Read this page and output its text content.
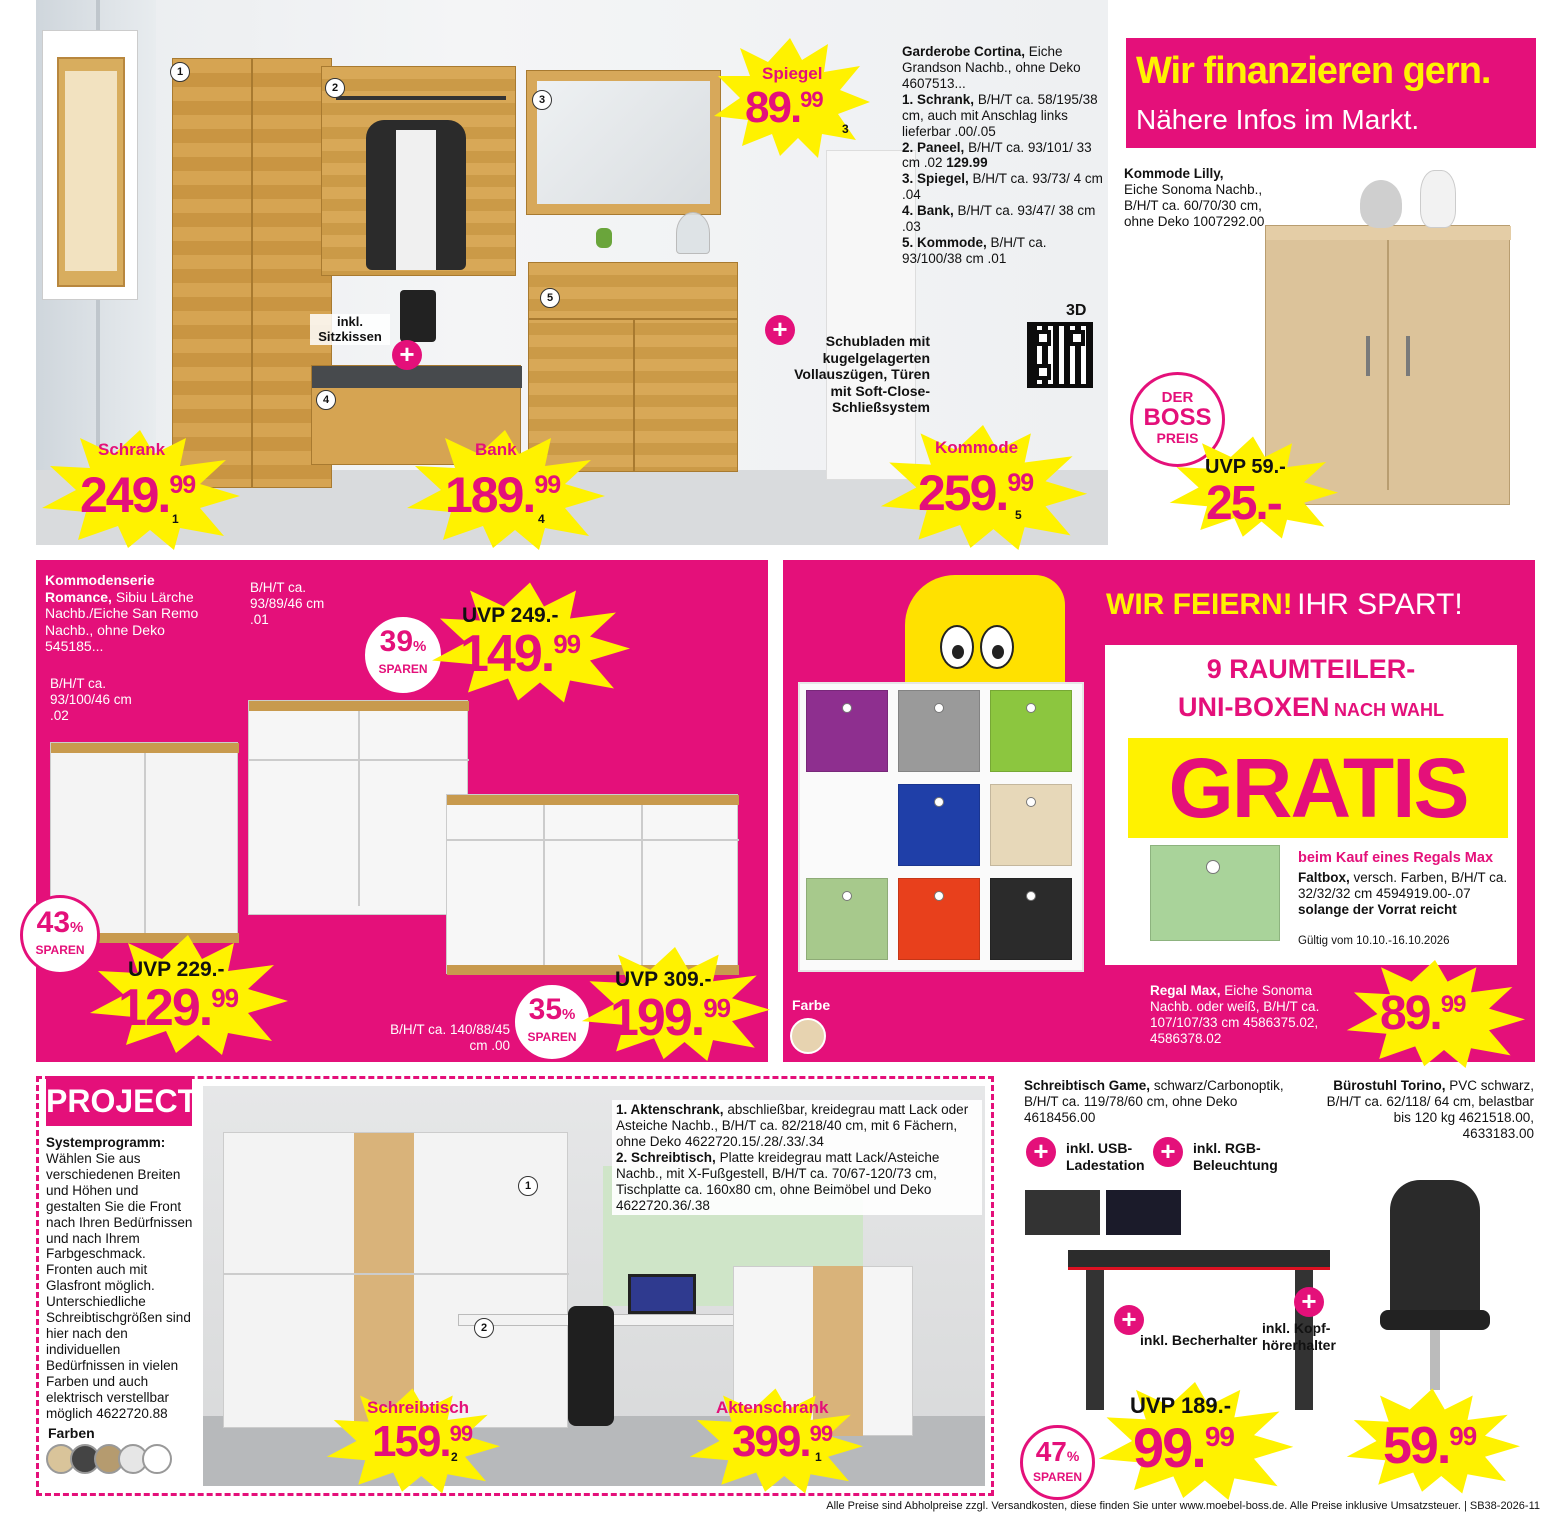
1
2
3
4
5
inkl. Sitzkissen
+
Garderobe Cortina, Eiche Grandson Nachb., ohne Deko 4607513...
1. Schrank, B/H/T ca. 58/195/38 cm, auch mit Anschlag links lieferbar .00/.05
2. Paneel, B/H/T ca. 93/101/ 33 cm .02 129.99
3. Spiegel, B/H/T ca. 93/73/ 4 cm .04
4. Bank, B/H/T ca. 93/47/ 38 cm .03
5. Kommode, B/H/T ca. 93/100/38 cm .01
3D
+	Schubladen mit kugelgelagerten Vollauszügen, Türen mit Soft-Close-Schließsystem
Spiegel
89.99
3
Schrank
249.99
1
Bank
189.99
4
Kommode
259.99
5
Wir finanzieren gern.
Nähere Infos im Markt.
Kommode Lilly,
Eiche Sonoma Nachb., B/H/T ca. 60/70/30 cm, ohne Deko 1007292.00
DER
BOSS
PREIS
UVP 59.-
25.-
Kommodenserie Romance, Sibiu Lärche Nachb./Eiche San Remo Nachb., ohne Deko 545185...
B/H/T ca. 93/89/46 cm .01
B/H/T ca. 93/100/46 cm .02
B/H/T ca. 140/88/45 cm .00
39%
SPAREN
UVP 249.-
149.99
43%
SPAREN
UVP 229.-
129.99	35%
SPAREN
UVP 309.-
199.99
WIR FEIERN! IHR SPART!
9 RAUMTEILER-
UNI-BOXEN NACH WAHL
GRATIS
beim Kauf eines Regals Max
Faltbox, versch. Farben, B/H/T ca. 32/32/32 cm 4594919.00-.07
solange der Vorrat reicht
Gültig vom 10.10.-16.10.2026
Farbe
Regal Max, Eiche Sonoma Nachb. oder weiß, B/H/T ca. 107/107/33 cm 4586375.02, 4586378.02	89.99
PROJECT
Systemprogramm:
Wählen Sie aus verschiedenen Breiten und Höhen und gestalten Sie die Front nach Ihren Bedürfnissen und nach Ihrem Farbgeschmack. Fronten auch mit Glasfront möglich. Unterschiedliche Schreibtischgrößen sind hier nach den individuellen Bedürfnissen in vielen Farben und auch elektrisch verstellbar möglich 4622720.88
Farben
1
2
1. Aktenschrank, abschließbar, kreidegrau matt Lack oder Asteiche Nachb., B/H/T ca. 82/218/40 cm, mit 6 Fächern, ohne Deko 4622720.15/.28/.33/.34
2. Schreibtisch, Platte kreidegrau matt Lack/Asteiche Nachb., mit X-Fußgestell, B/H/T ca. 70/67-120/73 cm, Tischplatte ca. 160x80 cm, ohne Beimöbel und Deko 4622720.36/.38
Schreibtisch
159.99
2
Aktenschrank
399.99
1
Schreibtisch Game, schwarz/Carbonoptik, B/H/T ca. 119/78/60 cm, ohne Deko 4618456.00
+	inkl. USB-Ladestation +	inkl. RGB-Beleuchtung
+
inkl. Becherhalter
+
inkl. Kopf-hörerhalter
Bürostuhl Torino, PVC schwarz, B/H/T ca. 62/118/ 64 cm, belastbar bis 120 kg 4621518.00, 4633183.00
47%
SPAREN
UVP 189.-
99.99	59.99
Alle Preise sind Abholpreise zzgl. Versandkosten, diese finden Sie unter www.moebel-boss.de. Alle Preise inklusive Umsatzsteuer. | SB38-2026-11
